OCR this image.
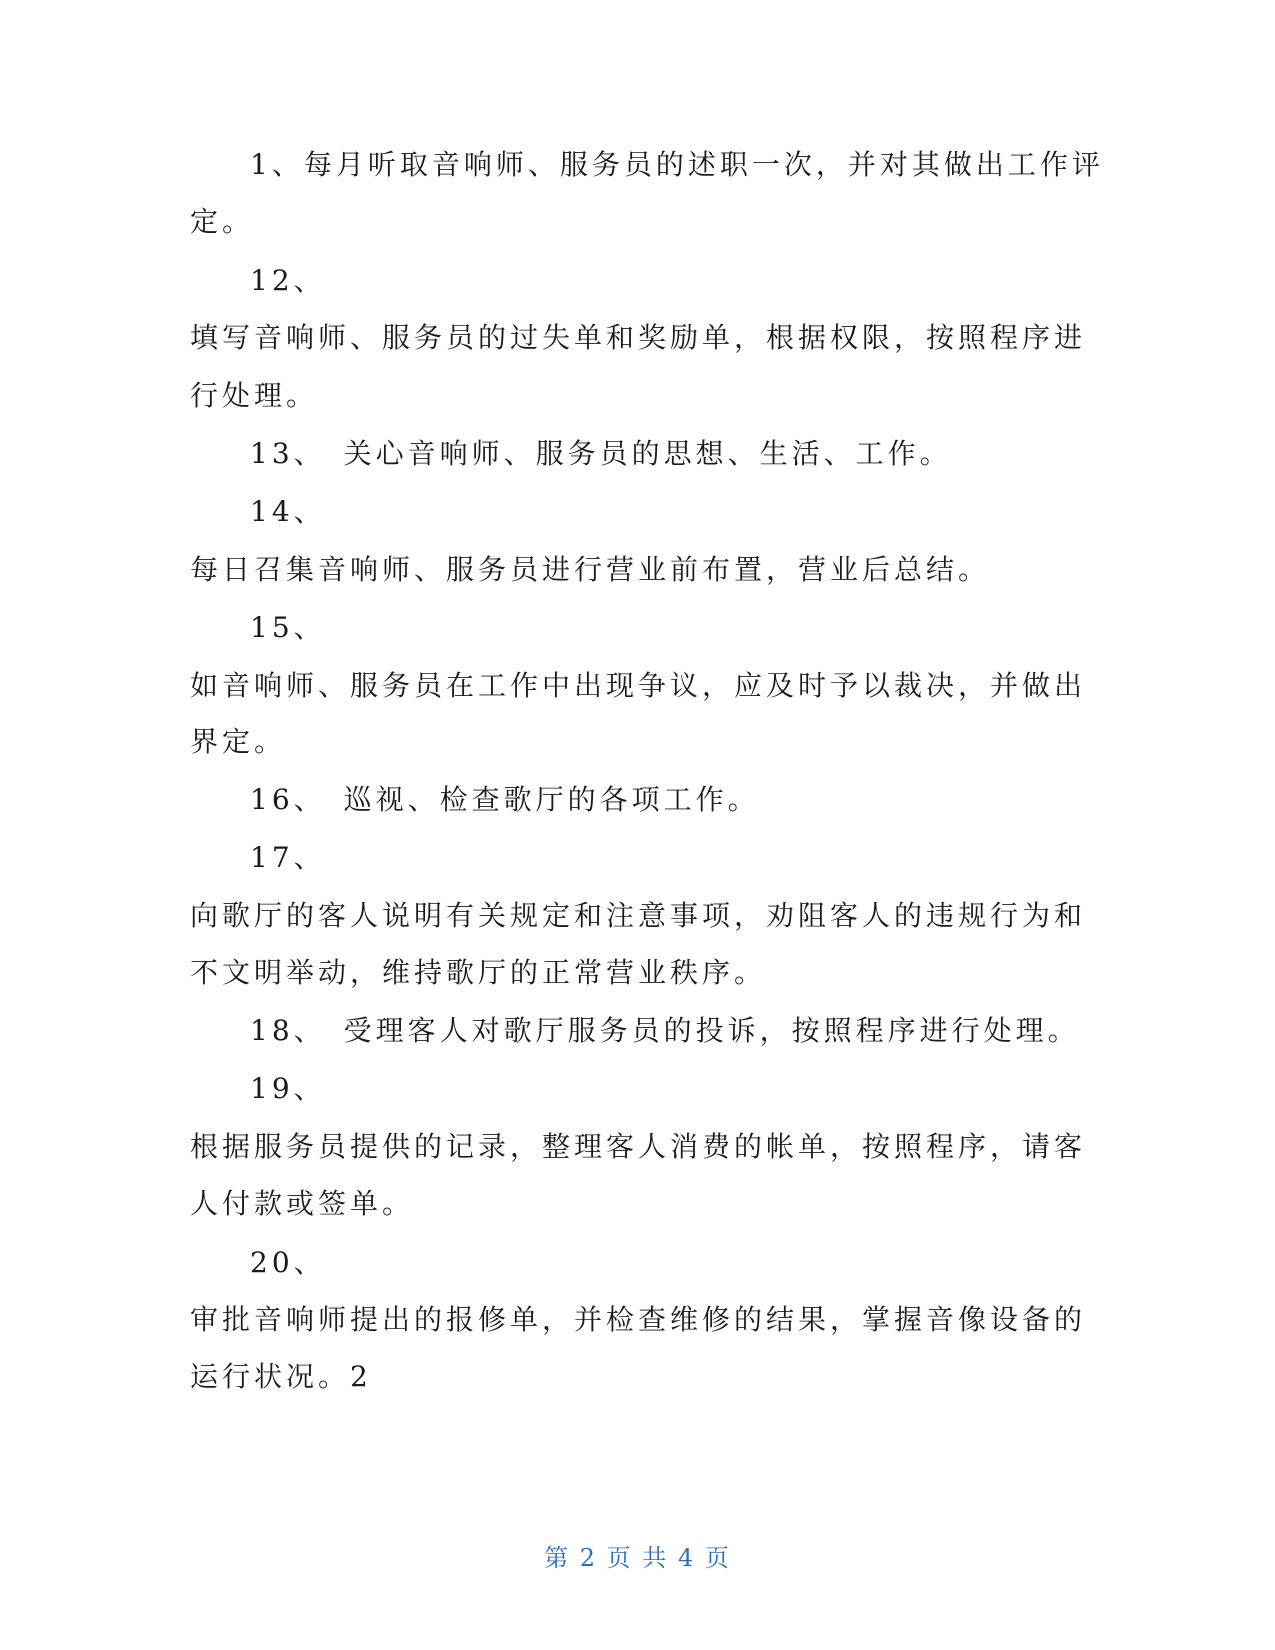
1、每月听取音响师、服务员的述职一次，并对其做出工作评
定。
12、
填写音响师、服务员的过失单和奖励单，根据权限，按照程序进
行处理。
13、　关心音响师、服务员的思想、生活、工作。
14、
每日召集音响师、服务员进行营业前布置，营业后总结。
15、
如音响师、服务员在工作中出现争议，应及时予以裁决，并做出
界定。
16、　巡视、检查歌厅的各项工作。
17、
向歌厅的客人说明有关规定和注意事项，劝阻客人的违规行为和
不文明举动，维持歌厅的正常营业秩序。
18、　受理客人对歌厅服务员的投诉，按照程序进行处理。
19、
根据服务员提供的记录，整理客人消费的帐单，按照程序，请客
人付款或签单。
20、
审批音响师提出的报修单，并检查维修的结果，掌握音像设备的
运行状况。2
第 2 页 共 4 页
